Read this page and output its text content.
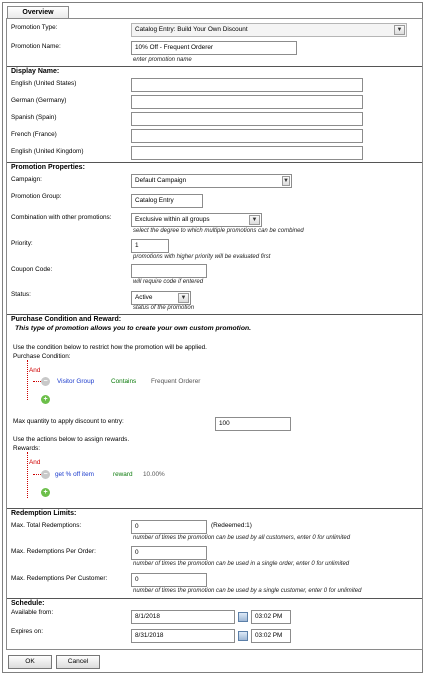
Overview
Promotion Type:	Catalog Entry: Build Your Own Discount	▼
Promotion Name:	10% Off - Frequent Orderer
enter promotion name
Display Name:
English (United States)
German (Germany)
Spanish (Spain)
French (France)
English (United Kingdom)
Promotion Properties:
Campaign:	Default Campaign	▼
Promotion Group:
Catalog Entry
Combination with other promotions:	Exclusive within all groups	▼
select the degree to which multiple promotions can be combined
Priority:	1
promotions with higher priority will be evaluated first
Coupon Code:
will require code if entered
Status:	Active	▼
status of the promotion
Purchase Condition and Reward:
This type of promotion allows you to create your own custom promotion.
Use the condition below to restrict how the promotion will be applied.
Purchase Condition:
And
−	Visitor Group	Contains Frequent Orderer
+
Max quantity to apply discount to entry:	100
Use the actions below to assign rewards.
Rewards:
And
−	get % off item	reward 10.00%
+
Redemption Limits:
Max. Total Redemptions:	0	(Redeemed:1)
number of times the promotion can be used by all customers, enter 0 for unlimited
Max. Redemptions Per Order:	0
number of times the promotion can be used in a single order, enter 0 for unlimited
Max. Redemptions Per Customer:	0
number of times the promotion can be used by a single customer, enter 0 for unlimited
Schedule:
Available from:
8/1/2018	03:02 PM
Expires on:
8/31/2018	03:02 PM
OK	Cancel
